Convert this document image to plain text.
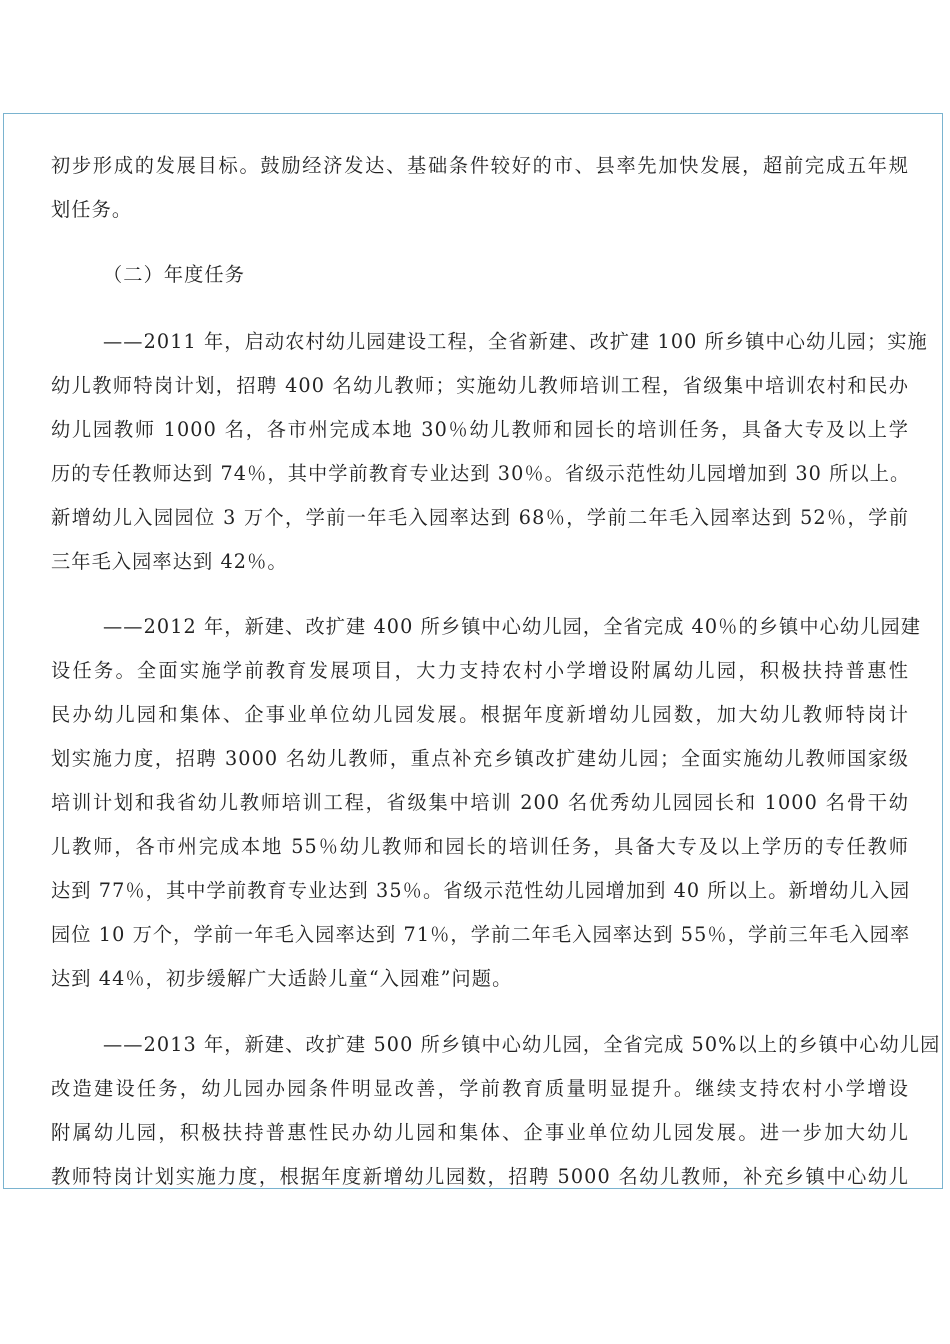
初步形成的发展目标。鼓励经济发达、基础条件较好的市、县率先加快发展，超前完成五年规
划任务。
（二）年度任务
——2011 年，启动农村幼儿园建设工程，全省新建、改扩建 100 所乡镇中心幼儿园；实施
幼儿教师特岗计划，招聘 400 名幼儿教师；实施幼儿教师培训工程，省级集中培训农村和民办
幼儿园教师 1000 名，各市州完成本地 30％幼儿教师和园长的培训任务，具备大专及以上学
历的专任教师达到 74％，其中学前教育专业达到 30％。省级示范性幼儿园增加到 30 所以上。
新增幼儿入园园位 3 万个，学前一年毛入园率达到 68％，学前二年毛入园率达到 52％，学前
三年毛入园率达到 42％。
——2012 年，新建、改扩建 400 所乡镇中心幼儿园，全省完成 40％的乡镇中心幼儿园建
设任务。全面实施学前教育发展项目，大力支持农村小学增设附属幼儿园，积极扶持普惠性
民办幼儿园和集体、企事业单位幼儿园发展。根据年度新增幼儿园数，加大幼儿教师特岗计
划实施力度，招聘 3000 名幼儿教师，重点补充乡镇改扩建幼儿园；全面实施幼儿教师国家级
培训计划和我省幼儿教师培训工程，省级集中培训 200 名优秀幼儿园园长和 1000 名骨干幼
儿教师，各市州完成本地 55％幼儿教师和园长的培训任务，具备大专及以上学历的专任教师
达到 77％，其中学前教育专业达到 35％。省级示范性幼儿园增加到 40 所以上。新增幼儿入园
园位 10 万个，学前一年毛入园率达到 71％，学前二年毛入园率达到 55％，学前三年毛入园率
达到 44％，初步缓解广大适龄儿童“入园难”问题。
——2013 年，新建、改扩建 500 所乡镇中心幼儿园，全省完成 50%以上的乡镇中心幼儿园
改造建设任务，幼儿园办园条件明显改善，学前教育质量明显提升。继续支持农村小学增设
附属幼儿园，积极扶持普惠性民办幼儿园和集体、企事业单位幼儿园发展。进一步加大幼儿
教师特岗计划实施力度，根据年度新增幼儿园数，招聘 5000 名幼儿教师，补充乡镇中心幼儿
